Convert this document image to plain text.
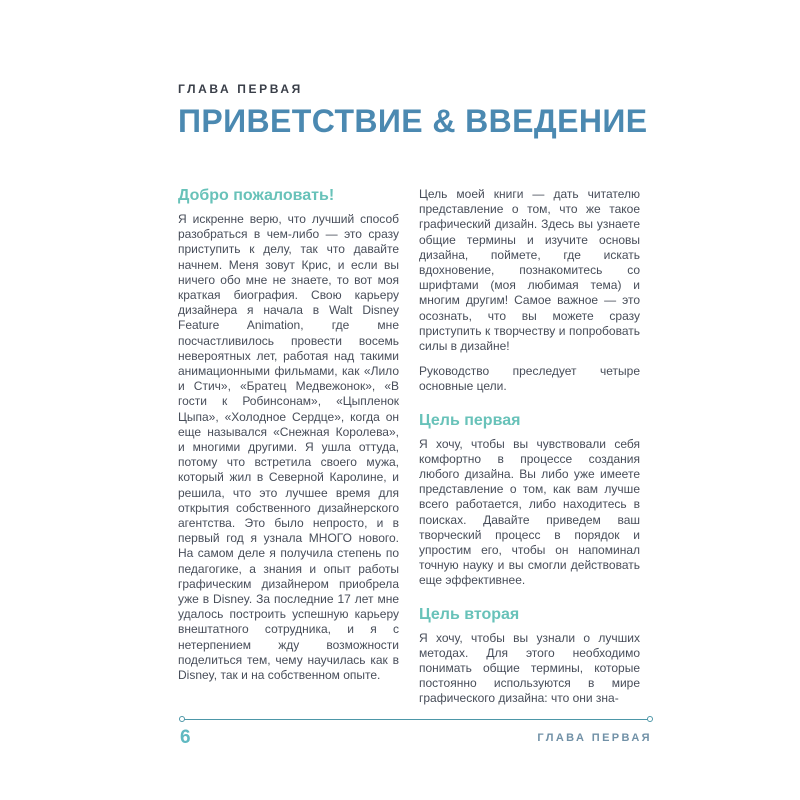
ГЛАВА ПЕРВАЯ
ПРИВЕТСТВИЕ & ВВЕДЕНИЕ
Добро пожаловать!

Я искренне верю, что лучший способ разобраться в чем-либо — это сразу приступить к делу, так что давайте начнем. Меня зовут Крис, и если вы ничего обо мне не знаете, то вот моя краткая биография. Свою карьеру дизайнера я начала в Walt Disney Feature Animation, где мне посчастливилось провести восемь невероятных лет, работая над такими анимационными фильмами, как «Лило и Стич», «Братец Медвежонок», «В гости к Робинсонам», «Цыпленок Цыпа», «Холодное Сердце», когда он еще назывался «Снежная Королева», и многими другими. Я ушла оттуда, потому что встретила своего мужа, который жил в Северной Каролине, и решила, что это лучшее время для открытия собственного дизайнерского агентства. Это было непросто, и в первый год я узнала МНОГО нового. На самом деле я получила степень по педагогике, а знания и опыт работы графическим дизайнером приобрела уже в Disney. За последние 17 лет мне удалось построить успешную карьеру внештатного сотрудника, и я с нетерпением жду возможности поделиться тем, чему научилась как в Disney, так и на собственном опыте.

Цель моей книги — дать читателю представление о том, что же такое графический дизайн. Здесь вы узнаете общие термины и изучите основы дизайна, поймете, где искать вдохновение, познакомитесь со шрифтами (моя любимая тема) и многим другим! Самое важное — это осознать, что вы можете сразу приступить к творчеству и попробовать силы в дизайне!

Руководство преследует четыре основные цели.

Цель первая

Я хочу, чтобы вы чувствовали себя комфортно в процессе создания любого дизайна. Вы либо уже имеете представление о том, как вам лучше всего работается, либо находитесь в поисках. Давайте приведем ваш творческий процесс в порядок и упростим его, чтобы он напоминал точную науку и вы смогли действовать еще эффективнее.

Цель вторая

Я хочу, чтобы вы узнали о лучших методах. Для этого необходимо понимать общие термины, которые постоянно используются в мире графического дизайна: что они зна-

6	ГЛАВА ПЕРВАЯ
